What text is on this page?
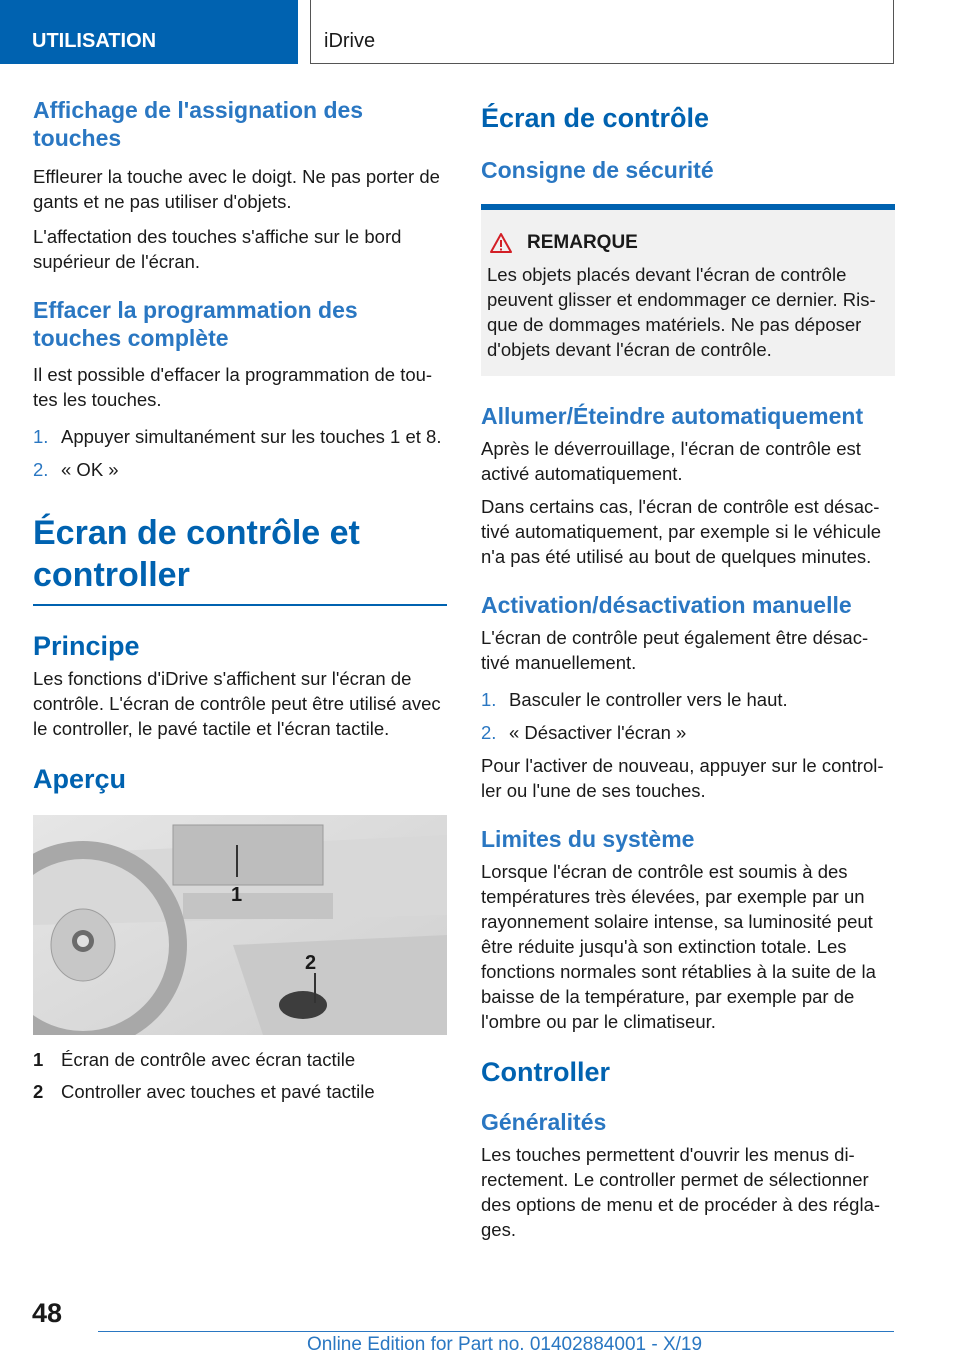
UTILISATION	iDrive
Affichage de l'assignation des touches

Effleurer la touche avec le doigt. Ne pas porter de gants et ne pas utiliser d'objets.

L'affectation des touches s'affiche sur le bord supérieur de l'écran.

Effacer la programmation des touches complète

Il est possible d'effacer la programmation de tou-tes les touches.

1. Appuyer simultanément sur les touches 1 et 8.
2. « OK »
Écran de contrôle et controller
Principe

Les fonctions d'iDrive s'affichent sur l'écran de contrôle. L'écran de contrôle peut être utilisé avec le controller, le pavé tactile et l'écran tactile.

Aperçu
1
2
1 Écran de contrôle avec écran tactile
2 Controller avec touches et pavé tactile
Écran de contrôle
Consigne de sécurité
REMARQUE

Les objets placés devant l'écran de contrôle peuvent glisser et endommager ce dernier. Ris-que de dommages matériels. Ne pas déposer d'objets devant l'écran de contrôle.

Allumer/Éteindre automatiquement

Après le déverrouillage, l'écran de contrôle est activé automatiquement.

Dans certains cas, l'écran de contrôle est désac-tivé automatiquement, par exemple si le véhicule n'a pas été utilisé au bout de quelques minutes.

Activation/désactivation manuelle

L'écran de contrôle peut également être désac-tivé manuellement.

1. Basculer le controller vers le haut.
2. « Désactiver l'écran »

Pour l'activer de nouveau, appuyer sur le control-ler ou l'une de ses touches.

Limites du système

Lorsque l'écran de contrôle est soumis à des températures très élevées, par exemple par un rayonnement solaire intense, sa luminosité peut être réduite jusqu'à son extinction totale. Les fonctions normales sont rétablies à la suite de la baisse de la température, par exemple par de l'ombre ou par le climatiseur.

Controller
Généralités

Les touches permettent d'ouvrir les menus di-rectement. Le controller permet de sélectionner des options de menu et de procéder à des régla-ges.

48
Online Edition for Part no. 01402884001 - X/19
